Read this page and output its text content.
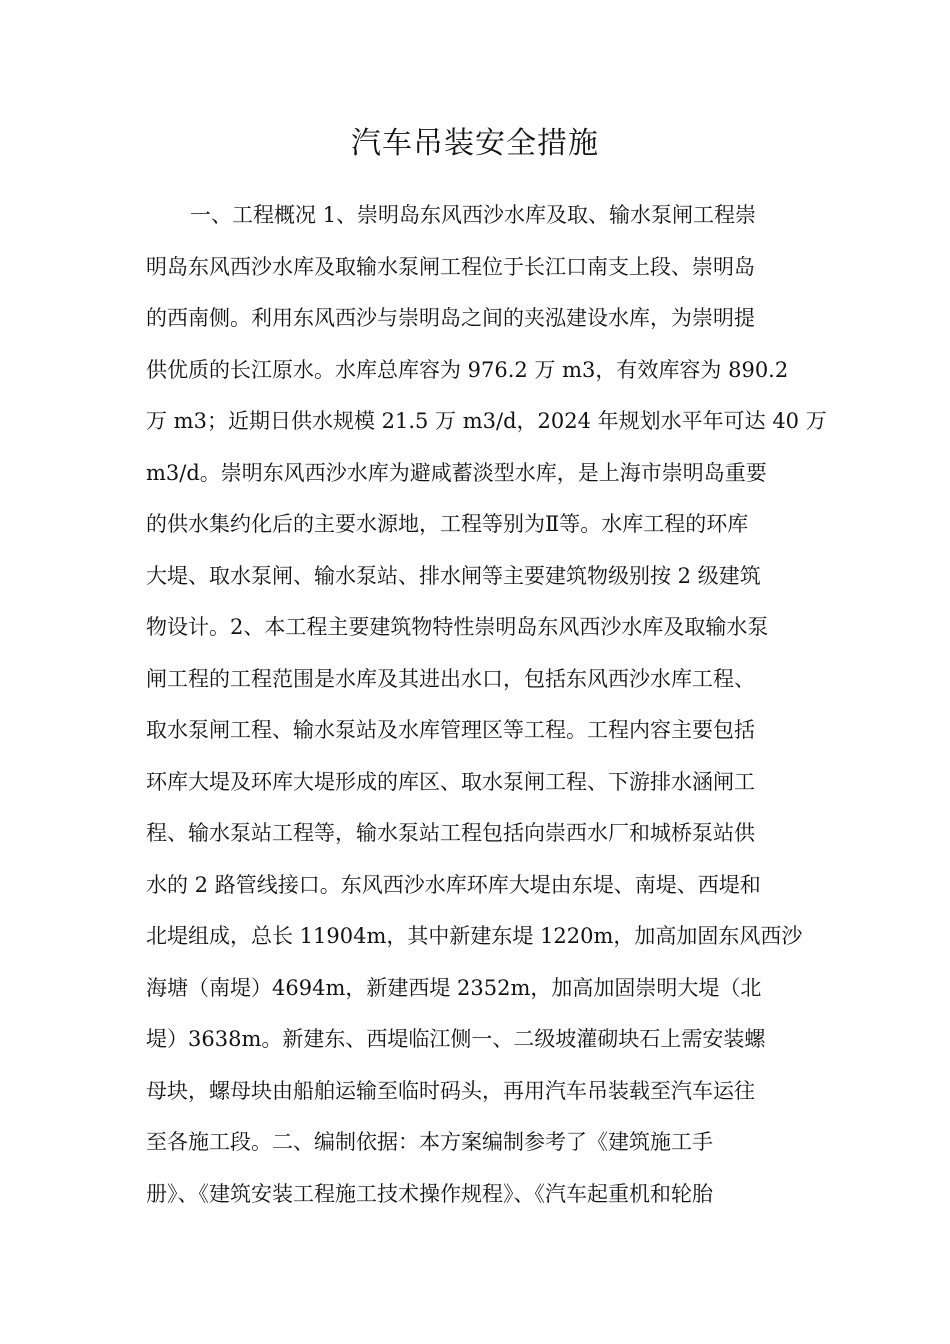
汽车吊装安全措施
一、工程概况 1、崇明岛东风西沙水库及取、输水泵闸工程崇
明岛东风西沙水库及取输水泵闸工程位于长江口南支上段、崇明岛
的西南侧。利用东风西沙与崇明岛之间的夹泓建设水库，为崇明提
供优质的长江原水。水库总库容为 976.2 万 m3，有效库容为 890.2
万 m3；近期日供水规模 21.5 万 m3/d，2024 年规划水平年可达 40 万
m3/d。崇明东风西沙水库为避咸蓄淡型水库，是上海市崇明岛重要
的供水集约化后的主要水源地，工程等别为Ⅱ等。水库工程的环库
大堤、取水泵闸、输水泵站、排水闸等主要建筑物级别按 2 级建筑
物设计。2、本工程主要建筑物特性崇明岛东风西沙水库及取输水泵
闸工程的工程范围是水库及其进出水口，包括东风西沙水库工程、
取水泵闸工程、输水泵站及水库管理区等工程。工程内容主要包括
环库大堤及环库大堤形成的库区、取水泵闸工程、下游排水涵闸工
程、输水泵站工程等，输水泵站工程包括向崇西水厂和城桥泵站供
水的 2 路管线接口。东风西沙水库环库大堤由东堤、南堤、西堤和
北堤组成，总长 11904m，其中新建东堤 1220m，加高加固东风西沙
海塘（南堤）4694m，新建西堤 2352m，加高加固崇明大堤（北
堤）3638m。新建东、西堤临江侧一、二级坡灌砌块石上需安装螺
母块，螺母块由船舶运输至临时码头，再用汽车吊装载至汽车运往
至各施工段。二、编制依据：本方案编制参考了《建筑施工手
册》、《建筑安装工程施工技术操作规程》、《汽车起重机和轮胎
